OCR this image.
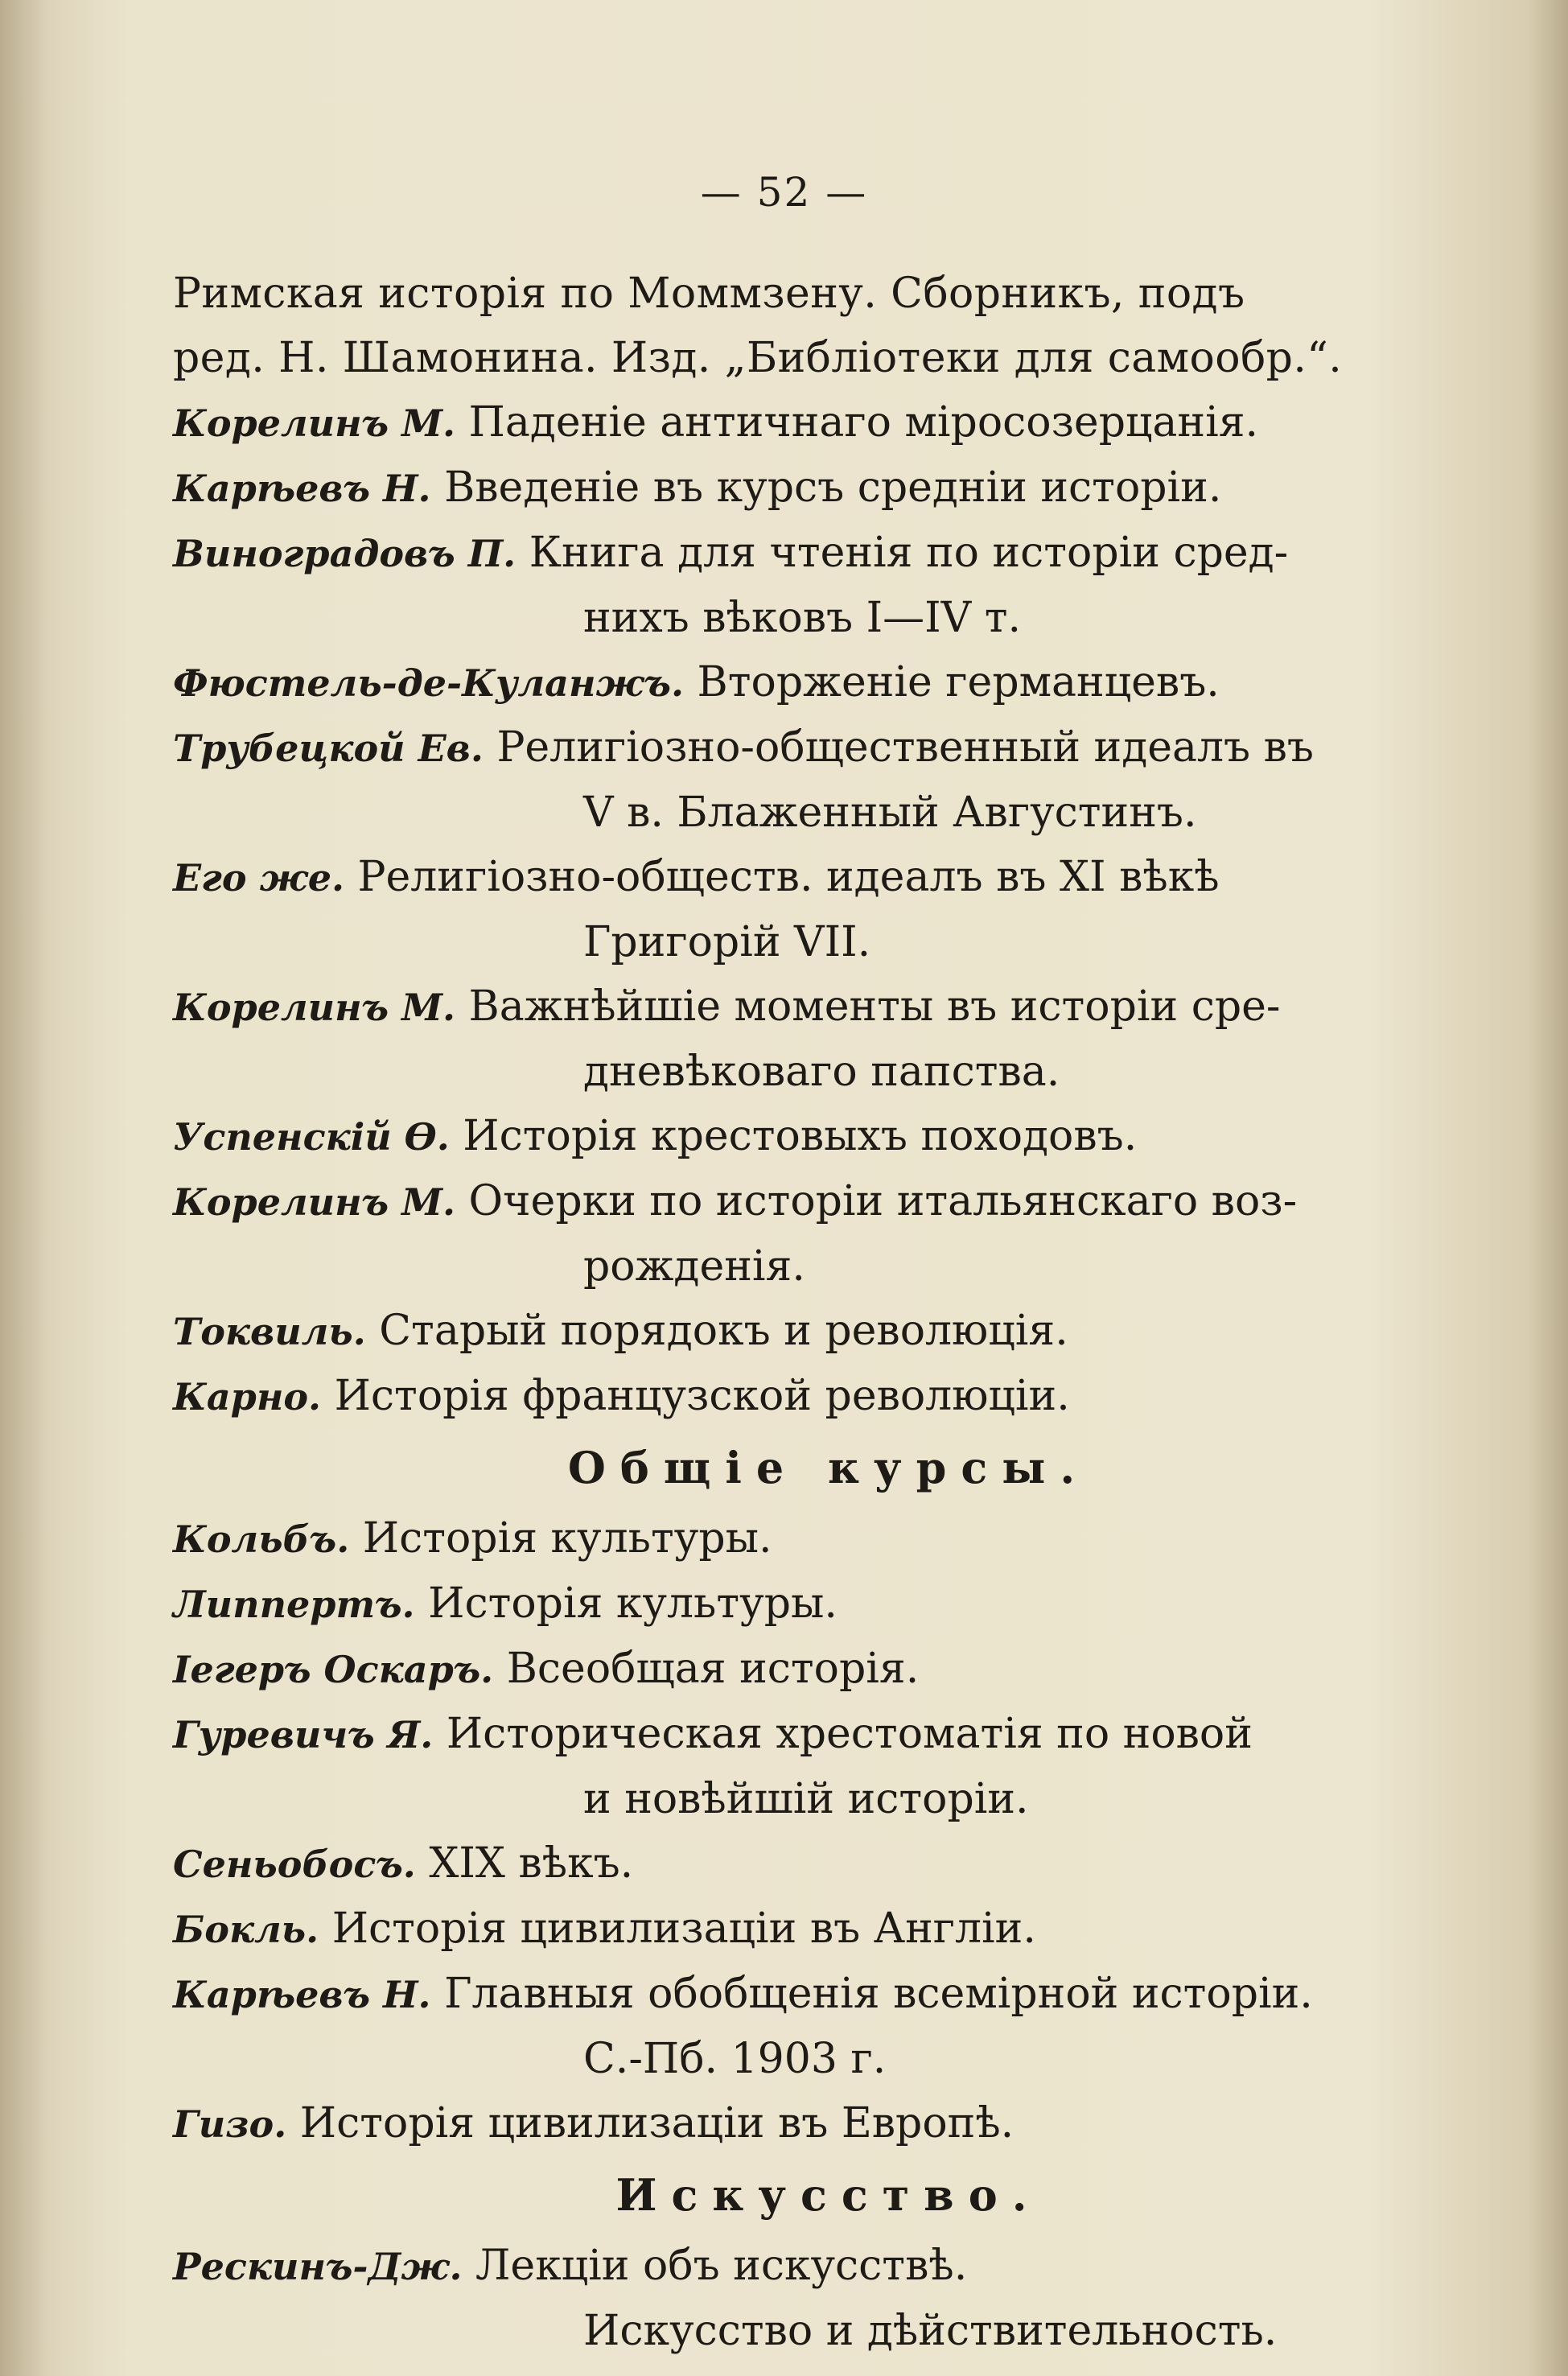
— 52 —
Римская исторія по Моммзену. Сборникъ, подъ
ред. Н. Шамонина. Изд. „Библіотеки для самообр.“.
Корелинъ М. Паденіе античнаго міросозерцанія.
Карѣевъ Н. Введеніе въ курсъ средніи исторіи.
Виноградовъ П. Книга для чтенія по исторіи сред-
нихъ вѣковъ I—IV т.
Фюстель-де-Куланжъ. Вторженіе германцевъ.
Трубецкой Ев. Религіозно-общественный идеалъ въ
V в. Блаженный Августинъ.
Его же. Религіозно-обществ. идеалъ въ XI вѣкѣ
Григорій VII.
Корелинъ М. Важнѣйшіе моменты въ исторіи сре-
дневѣковаго папства.
Успенскій Ѳ. Исторія крестовыхъ походовъ.
Корелинъ М. Очерки по исторіи итальянскаго воз-
рожденія.
Токвиль. Старый порядокъ и революція.
Карно. Исторія французской революціи.
Общіе курсы.
Кольбъ. Исторія культуры.
Липпертъ. Исторія культуры.
Іегеръ Оскаръ. Всеобщая исторія.
Гуревичъ Я. Историческая хрестоматія по новой
и новѣйшій исторіи.
Сеньобосъ. XIX вѣкъ.
Бокль. Исторія цивилизаціи въ Англіи.
Карѣевъ Н. Главныя обобщенія всемірной исторіи.
С.-Пб. 1903 г.
Гизо. Исторія цивилизаціи въ Европѣ.
Искусство.
Рескинъ-Дж. Лекціи объ искусствѣ.
Искусство и дѣйствительность.
